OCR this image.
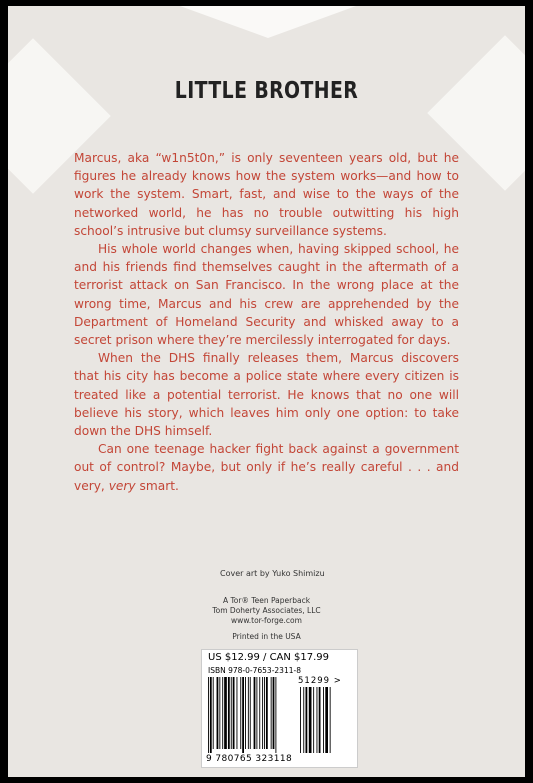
LITTLE BROTHER

Marcus, aka “w1n5t0n,” is only seventeen years old, but he figures he already knows how the system works—and how to work the system. Smart, fast, and wise to the ways of the networked world, he has no trouble outwitting his high school’s intrusive but clumsy surveillance systems.

His whole world changes when, having skipped school, he and his friends find themselves caught in the aftermath of a terrorist attack on San Francisco. In the wrong place at the wrong time, Marcus and his crew are apprehended by the Department of Homeland Security and whisked away to a secret prison where they’re mercilessly interrogated for days.

When the DHS finally releases them, Marcus discovers that his city has become a police state where every citizen is treated like a potential terrorist. He knows that no one will believe his story, which leaves him only one option: to take down the DHS himself.

Can one teenage hacker fight back against a government out of control? Maybe, but only if he’s really careful . . . and very, very smart.

Cover art by Yuko Shimizu
A Tor® Teen Paperback
Tom Doherty Associates, LLC
www.tor-forge.com
Printed in the USA
US $12.99 / CAN $17.99
ISBN 978-0-7653-2311-8
51299 >
9 780765 323118
